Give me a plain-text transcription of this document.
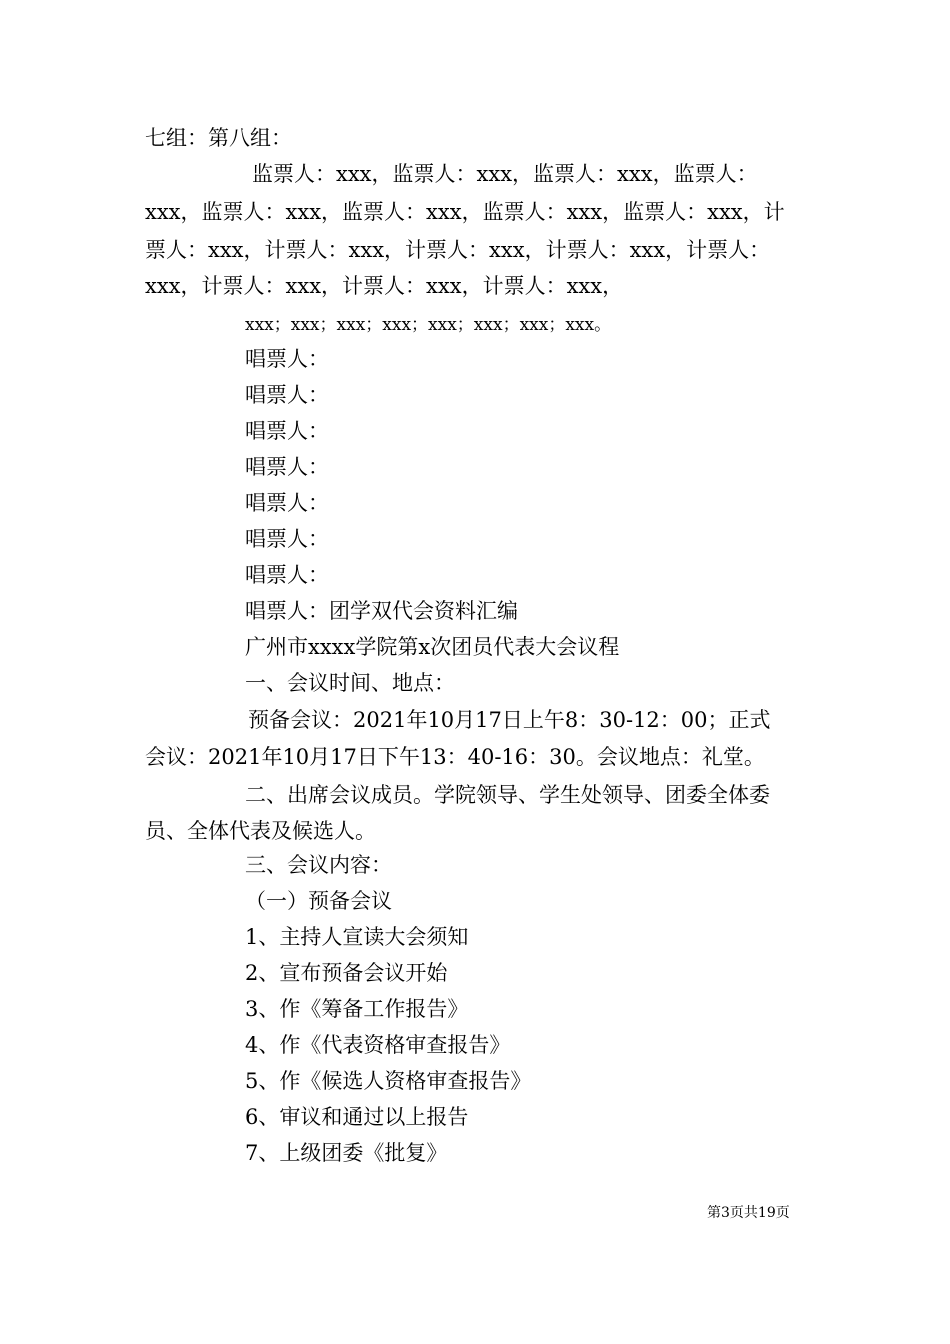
七组：第八组：
监票人：xxx，监票人：xxx，监票人：xxx，监票人：
xxx，监票人：xxx，监票人：xxx，监票人：xxx，监票人：xxx，计
票人：xxx，计票人：xxx，计票人：xxx，计票人：xxx，计票人：
xxx，计票人：xxx，计票人：xxx，计票人：xxx，
xxx；xxx；xxx；xxx；xxx；xxx；xxx；xxx。
唱票人：
唱票人：
唱票人：
唱票人：
唱票人：
唱票人：
唱票人：
唱票人：团学双代会资料汇编
广州市xxxx学院第x次团员代表大会议程
一、会议时间、地点：
预备会议：2021年10月17日上午8：30-12：00；正式
会议：2021年10月17日下午13：40-16：30。会议地点：礼堂。
二、出席会议成员。学院领导、学生处领导、团委全体委
员、全体代表及候选人。
三、会议内容：
（一）预备会议
1、主持人宣读大会须知
2、宣布预备会议开始
3、作《筹备工作报告》
4、作《代表资格审查报告》
5、作《候选人资格审查报告》
6、审议和通过以上报告
7、上级团委《批复》
第3页共19页
